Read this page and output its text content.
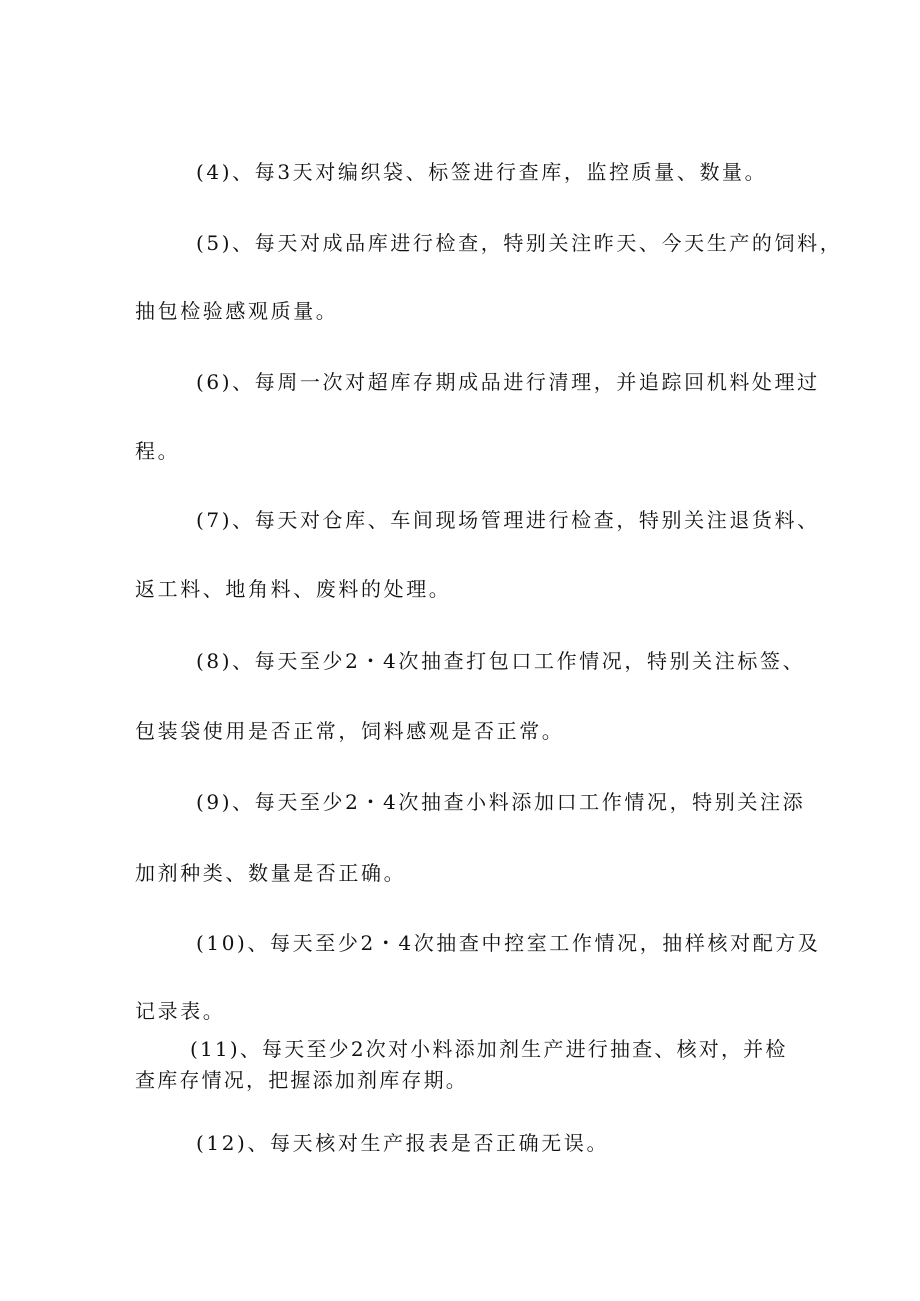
(4)、每3天对编织袋、标签进行查库，监控质量、数量。
(5)、每天对成品库进行检查，特别关注昨天、今天生产的饲料，
抽包检验感观质量。
(6)、每周一次对超库存期成品进行清理，并追踪回机料处理过
程。
(7)、每天对仓库、车间现场管理进行检查，特别关注退货料、
返工料、地角料、废料的处理。
(8)、每天至少2・4次抽查打包口工作情况，特别关注标签、
包装袋使用是否正常，饲料感观是否正常。
(9)、每天至少2・4次抽查小料添加口工作情况，特别关注添
加剂种类、数量是否正确。
(10)、每天至少2・4次抽查中控室工作情况，抽样核对配方及
记录表。
(11)、每天至少2次对小料添加剂生产进行抽查、核对，并检
查库存情况，把握添加剂库存期。
(12)、每天核对生产报表是否正确无误。
